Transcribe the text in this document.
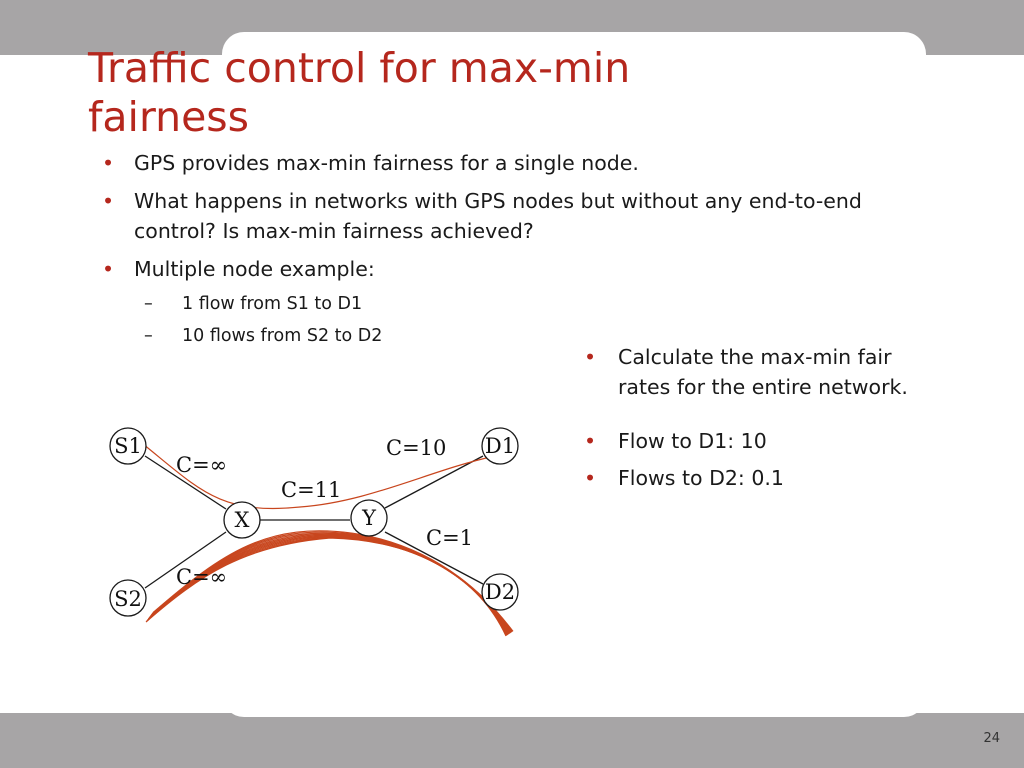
Traffic control for max-min
fairness
• GPS provides max-min fairness for a single node.
• What happens in networks with GPS nodes but without any end-to-end control? Is max-min fairness achieved?
• Multiple node example:
– 1 flow from S1 to D1
– 10 flows from S2 to D2
• Calculate the max-min fair rates for the entire network.
• Flow to D1: 10
• Flows to D2: 0.1
S1
S2
X	Y
D1
D2
C=∞
C=∞
C=11
C=10
C=1
24
